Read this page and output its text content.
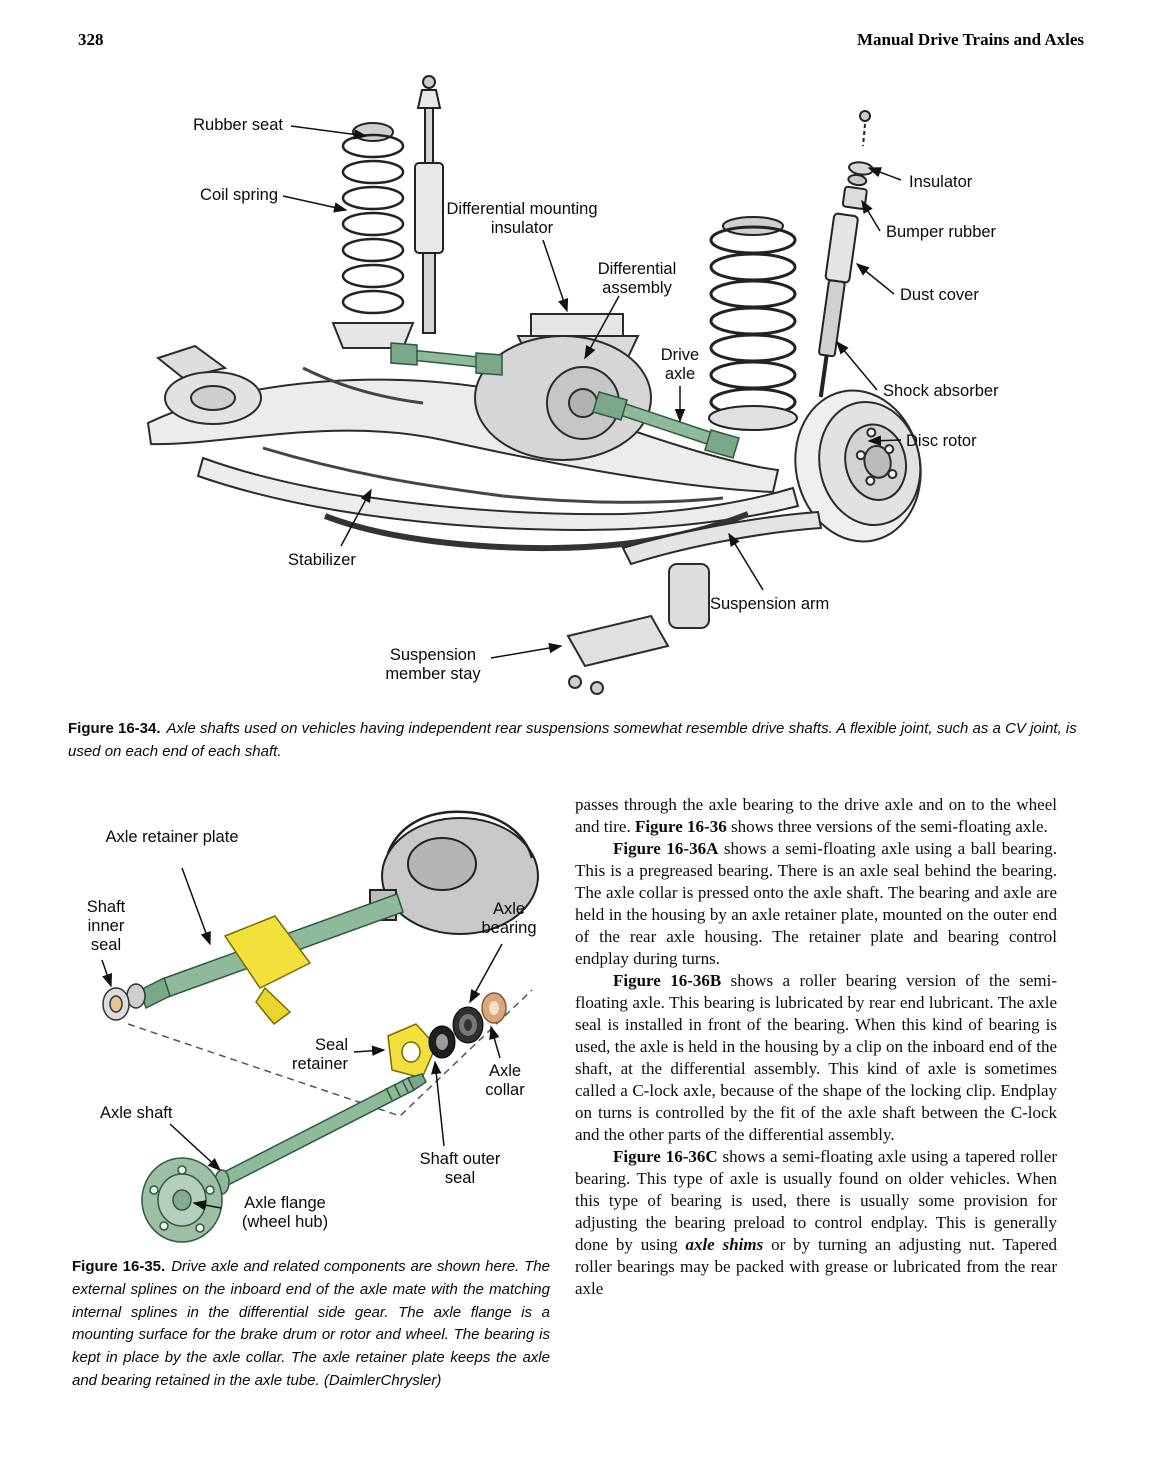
328	Manual Drive Trains and Axles
Rubber seat
Coil spring
Differential mounting insulator
Differential assembly
Drive axle
Insulator
Bumper rubber
Dust cover
Shock absorber
Disc rotor
Stabilizer
Suspension arm
Suspension member stay

Figure 16-34. Axle shafts used on vehicles having independent rear suspensions somewhat resemble drive shafts. A flexible joint, such as a CV joint, is used on each end of each shaft.

Axle retainer plate
Shaft inner seal
Axle bearing
Seal retainer	Axle collar
Axle shaft
Shaft outer seal
Axle flange (wheel hub)

Figure 16-35. Drive axle and related components are shown here. The external splines on the inboard end of the axle mate with the matching internal splines in the differential side gear. The axle flange is a mounting surface for the brake drum or rotor and wheel. The bearing is kept in place by the axle collar. The axle retainer plate keeps the axle and bearing retained in the axle tube. (DaimlerChrysler)

passes through the axle bearing to the drive axle and on to the wheel and tire. Figure 16-36 shows three versions of the semi-floating axle.

Figure 16-36A shows a semi-floating axle using a ball bearing. This is a pregreased bearing. There is an axle seal behind the bearing. The axle collar is pressed onto the axle shaft. The bearing and axle are held in the housing by an axle retainer plate, mounted on the outer end of the rear axle housing. The retainer plate and bearing control endplay during turns.

Figure 16-36B shows a roller bearing version of the semi-floating axle. This bearing is lubricated by rear end lubricant. The axle seal is installed in front of the bearing. When this kind of bearing is used, the axle is held in the housing by a clip on the inboard end of the shaft, at the differential assembly. This kind of axle is sometimes called a C-lock axle, because of the shape of the locking clip. Endplay on turns is controlled by the fit of the axle shaft between the C-lock and the other parts of the differential assembly.

Figure 16-36C shows a semi-floating axle using a tapered roller bearing. This type of axle is usually found on older vehicles. When this type of bearing is used, there is usually some provision for adjusting the bearing preload to control endplay. This is generally done by using axle shims or by turning an adjusting nut. Tapered roller bearings may be packed with grease or lubricated from the rear axle
